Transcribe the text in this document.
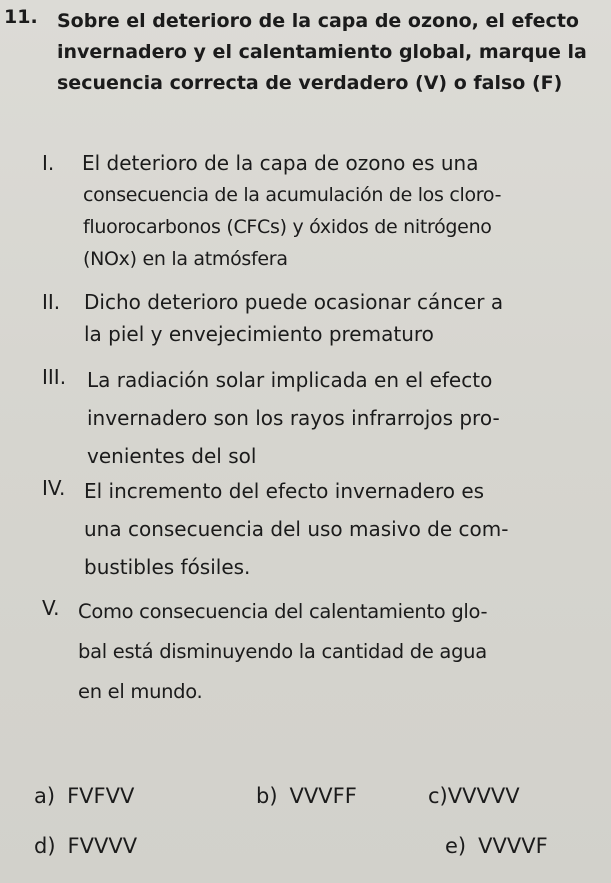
11. Sobre el deterioro de la capa de ozono, el efecto
invernadero y el calentamiento global, marque la
secuencia correcta de verdadero (V) o falso (F)
I. El deterioro de la capa de ozono es una
consecuencia de la acumulación de los cloro-
fluorocarbonos (CFCs) y óxidos de nitrógeno
(NOx) en la atmósfera
II. Dicho deterioro puede ocasionar cáncer a
la piel y envejecimiento prematuro
III. La radiación solar implicada en el efecto
invernadero son los rayos infrarrojos pro-
venientes del sol
IV. El incremento del efecto invernadero es
una consecuencia del uso masivo de com-
bustibles fósiles.
V. Como consecuencia del calentamiento glo-
bal está disminuyendo la cantidad de agua
en el mundo.
a) FVFVV	b) VVVFF	c)VVVVV
d) FVVVV	e) VVVVF
